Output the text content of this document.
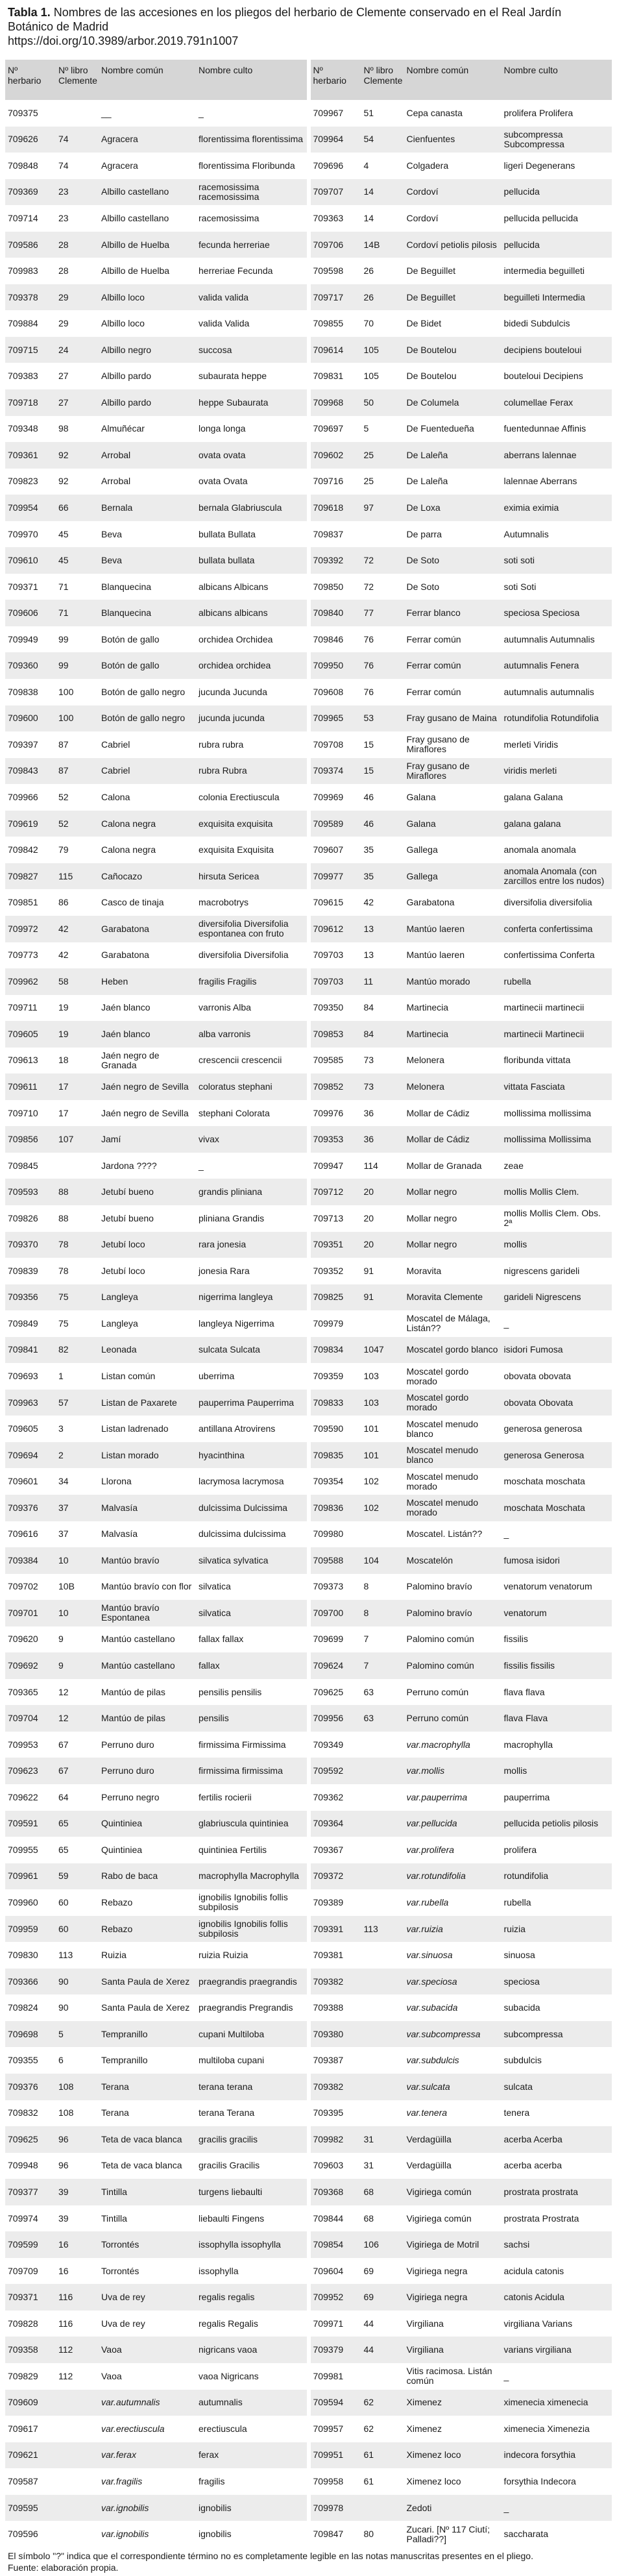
Tabla 1. Nombres de las accesiones en los pliegos del herbario de Clemente conservado en el Real Jardín Botánico de Madrid
https://doi.org/10.3989/arbor.2019.791n1007
Nº herbario	Nº libro Clemente	Nombre común	Nombre culto
709375		__	_
709626	74	Agracera	florentissima florentissima
709848	74	Agracera	florentissima Floribunda
709369	23	Albillo castellano	racemosissima racemosissima
709714	23	Albillo castellano	racemosissima
709586	28	Albillo de Huelba	fecunda herreriae
709983	28	Albillo de Huelba	herreriae Fecunda
709378	29	Albillo loco	valida valida
709884	29	Albillo loco	valida Valida
709715	24	Albillo negro	succosa
709383	27	Albillo pardo	subaurata heppe
709718	27	Albillo pardo	heppe Subaurata
709348	98	Almuñécar	longa longa
709361	92	Arrobal	ovata ovata
709823	92	Arrobal	ovata Ovata
709954	66	Bernala	bernala Glabriuscula
709970	45	Beva	bullata Bullata
709610	45	Beva	bullata bullata
709371	71	Blanquecina	albicans Albicans
709606	71	Blanquecina	albicans albicans
709949	99	Botón de gallo	orchidea Orchidea
709360	99	Botón de gallo	orchidea orchidea
709838	100	Botón de gallo negro	jucunda Jucunda
709600	100	Botón de gallo negro	jucunda jucunda
709397	87	Cabriel	rubra rubra
709843	87	Cabriel	rubra Rubra
709966	52	Calona	colonia Erectiuscula
709619	52	Calona negra	exquisita exquisita
709842	79	Calona negra	exquisita Exquisita
709827	115	Cañocazo	hirsuta Sericea
709851	86	Casco de tinaja	macrobotrys
709972	42	Garabatona	diversifolia Diversifolia espontanea con fruto
709773	42	Garabatona	diversifolia Diversifolia
709962	58	Heben	fragilis Fragilis
709711	19	Jaén blanco	varronis Alba
709605	19	Jaén blanco	alba varronis
709613	18	Jaén negro de Granada	crescencii crescencii
709611	17	Jaén negro de Sevilla	coloratus stephani
709710	17	Jaén negro de Sevilla	stephani Colorata
709856	107	Jamí	vivax
709845		Jardona ????	_
709593	88	Jetubí bueno	grandis pliniana
709826	88	Jetubí bueno	pliniana Grandis
709370	78	Jetubí loco	rara jonesia
709839	78	Jetubí loco	jonesia Rara
709356	75	Langleya	nigerrima langleya
709849	75	Langleya	langleya Nigerrima
709841	82	Leonada	sulcata Sulcata
709693	1	Listan común	uberrima
709963	57	Listan de Paxarete	pauperrima Pauperrima
709605	3	Listan ladrenado	antillana Atrovirens
709694	2	Listan morado	hyacinthina
709601	34	Llorona	lacrymosa lacrymosa
709376	37	Malvasía	dulcissima Dulcissima
709616	37	Malvasía	dulcissima dulcissima
709384	10	Mantúo bravío	silvatica sylvatica
709702	10B	Mantúo bravío con flor	silvatica
709701	10	Mantúo bravío Espontanea	silvatica
709620	9	Mantúo castellano	fallax fallax
709692	9	Mantúo castellano	fallax
709365	12	Mantúo de pilas	pensilis pensilis
709704	12	Mantúo de pilas	pensilis
709953	67	Perruno duro	firmissima Firmissima
709623	67	Perruno duro	firmissima firmissima
709622	64	Perruno negro	fertilis rocierii
709591	65	Quintiniea	glabriuscula quintiniea
709955	65	Quintiniea	quintiniea Fertilis
709961	59	Rabo de baca	macrophylla Macrophylla
709960	60	Rebazo	ignobilis Ignobilis follis subpilosis
709959	60	Rebazo	ignobilis Ignobilis follis subpilosis
709830	113	Ruizia	ruizia Ruizia
709366	90	Santa Paula de Xerez	praegrandis praegrandis
709824	90	Santa Paula de Xerez	praegrandis Pregrandis
709698	5	Tempranillo	cupani Multiloba
709355	6	Tempranillo	multiloba cupani
709376	108	Terana	terana terana
709832	108	Terana	terana Terana
709625	96	Teta de vaca blanca	gracilis gracilis
709948	96	Teta de vaca blanca	gracilis Gracilis
709377	39	Tintilla	turgens liebaulti
709974	39	Tintilla	liebaulti Fingens
709599	16	Torrontés	issophylla issophylla
709709	16	Torrontés	issophylla
709371	116	Uva de rey	regalis regalis
709828	116	Uva de rey	regalis Regalis
709358	112	Vaoa	nigricans vaoa
709829	112	Vaoa	vaoa Nigricans
709609		var.autumnalis	autumnalis
709617		var.erectiuscula	erectiuscula
709621		var.ferax	ferax
709587		var.fragilis	fragilis
709595		var.ignobilis	ignobilis
709596		var.ignobilis	ignobilis
Nº herbario	Nº libro Clemente	Nombre común	Nombre culto
709967	51	Cepa canasta	prolifera Prolifera
709964	54	Cienfuentes	subcompressa Subcompressa
709696	4	Colgadera	ligeri Degenerans
709707	14	Cordoví	pellucida
709363	14	Cordoví	pellucida pellucida
709706	14B	Cordoví petiolis pilosis	pellucida
709598	26	De Beguillet	intermedia beguilleti
709717	26	De Beguillet	beguilleti Intermedia
709855	70	De Bidet	bidedi Subdulcis
709614	105	De Boutelou	decipiens bouteloui
709831	105	De Boutelou	bouteloui Decipiens
709968	50	De Columela	columellae Ferax
709697	5	De Fuentedueña	fuentedunnae Affinis
709602	25	De Laleña	aberrans lalennae
709716	25	De Laleña	lalennae Aberrans
709618	97	De Loxa	eximia eximia
709837		De parra	Autumnalis
709392	72	De Soto	soti soti
709850	72	De Soto	soti Soti
709840	77	Ferrar blanco	speciosa Speciosa
709846	76	Ferrar común	autumnalis Autumnalis
709950	76	Ferrar común	autumnalis Fenera
709608	76	Ferrar común	autumnalis autumnalis
709965	53	Fray gusano de Maina	rotundifolia Rotundifolia
709708	15	Fray gusano de Miraflores	merleti Viridis
709374	15	Fray gusano de Miraflores	viridis merleti
709969	46	Galana	galana Galana
709589	46	Galana	galana galana
709607	35	Gallega	anomala anomala
709977	35	Gallega	anomala Anomala (con zarcillos entre los nudos)
709615	42	Garabatona	diversifolia diversifolia
709612	13	Mantúo laeren	conferta confertissima
709703	13	Mantúo laeren	confertissima Conferta
709703	11	Mantúo morado	rubella
709350	84	Martinecia	martinecii martinecii
709853	84	Martinecia	martinecii Martinecii
709585	73	Melonera	floribunda vittata
709852	73	Melonera	vittata Fasciata
709976	36	Mollar de Cádiz	mollissima mollissima
709353	36	Mollar de Cádiz	mollissima Mollissima
709947	114	Mollar de Granada	zeae
709712	20	Mollar negro	mollis Mollis Clem.
709713	20	Mollar negro	mollis Mollis Clem. Obs. 2ª
709351	20	Mollar negro	mollis
709352	91	Moravita	nigrescens garideli
709825	91	Moravita Clemente	garideli Nigrescens
709979		Moscatel de Málaga, Listán??	_
709834	1047	Moscatel gordo blanco	isidori Fumosa
709359	103	Moscatel gordo morado	obovata obovata
709833	103	Moscatel gordo morado	obovata Obovata
709590	101	Moscatel menudo blanco	generosa generosa
709835	101	Moscatel menudo blanco	generosa Generosa
709354	102	Moscatel menudo morado	moschata moschata
709836	102	Moscatel menudo morado	moschata Moschata
709980		Moscatel. Listán??	_
709588	104	Moscatelón	fumosa isidori
709373	8	Palomino bravío	venatorum venatorum
709700	8	Palomino bravío	venatorum
709699	7	Palomino común	fissilis
709624	7	Palomino común	fissilis fissilis
709625	63	Perruno común	flava flava
709956	63	Perruno común	flava Flava
709349		var.macrophylla	macrophylla
709592		var.mollis	mollis
709362		var.pauperrima	pauperrima
709364		var.pellucida	pellucida petiolis pilosis
709367		var.prolifera	prolifera
709372		var.rotundifolia	rotundifolia
709389		var.rubella	rubella
709391	113	var.ruizia	ruizia
709381		var.sinuosa	sinuosa
709382		var.speciosa	speciosa
709388		var.subacida	subacida
709380		var.subcompressa	subcompressa
709387		var.subdulcis	subdulcis
709382		var.sulcata	sulcata
709395		var.tenera	tenera
709982	31	Verdagüilla	acerba Acerba
709603	31	Verdagüilla	acerba acerba
709368	68	Vigiriega común	prostrata prostrata
709844	68	Vigiriega común	prostrata Prostrata
709854	106	Vigiriega de Motril	sachsi
709604	69	Vigiriega negra	acidula catonis
709952	69	Vigiriega negra	catonis Acidula
709971	44	Virgiliana	virgiliana Varians
709379	44	Virgiliana	varians virgiliana
709981		Vitis racimosa. Listán común	_
709594	62	Ximenez	ximenecia ximenecia
709957	62	Ximenez	ximenecia Ximenezia
709951	61	Ximenez loco	indecora forsythia
709958	61	Ximenez loco	forsythia Indecora
709978		Zedoti	_
709847	80	Zucari. [Nº 117 Ciutí; Palladi??]	saccharata
El símbolo "?" indica que el correspondiente término no es completamente legible en las notas manuscritas presentes en el pliego.
Fuente: elaboración propia.
